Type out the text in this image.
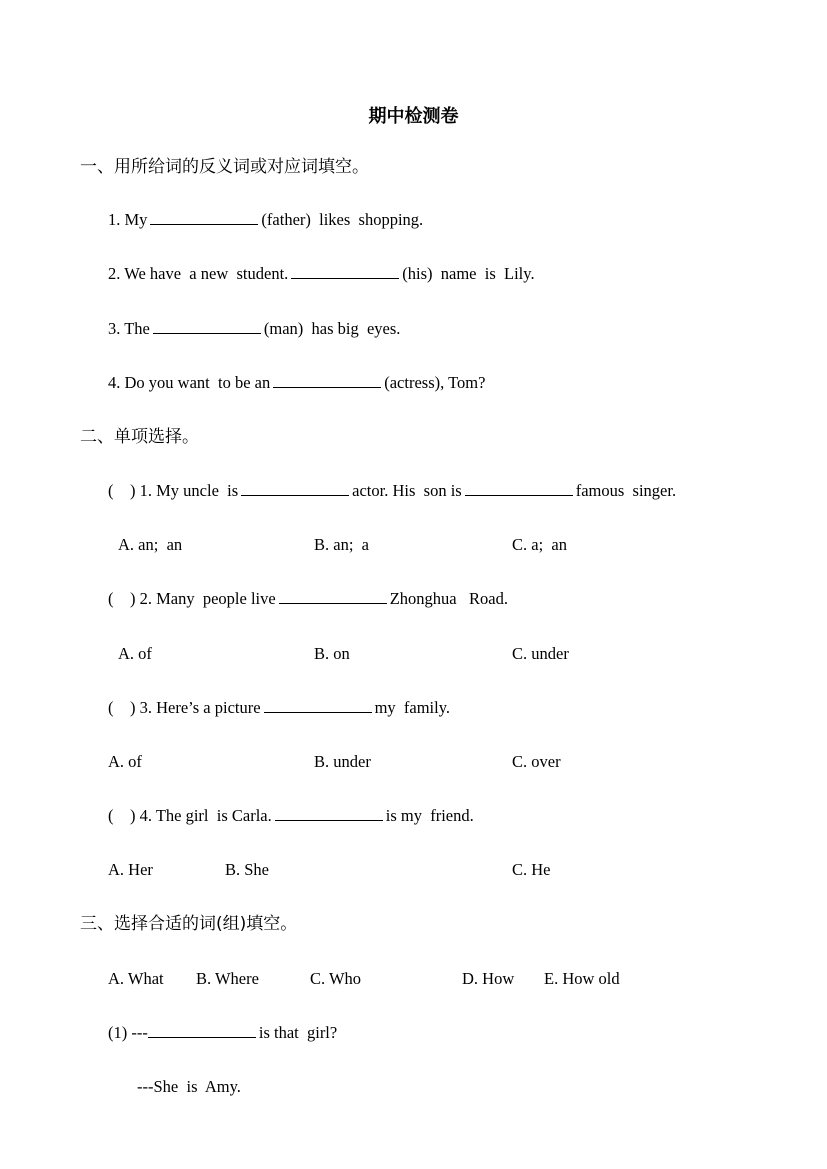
期中检测卷
一、用所给词的反义词或对应词填空。
1. My	(father)  likes  shopping.
2. We have  a new  student.	(his)  name  is  Lily.
3. The	(man)  has big  eyes.
4. Do you want  to be an	(actress), Tom?
二、单项选择。
(    ) 1. My uncle  is	actor. His  son is	famous  singer.
A. an;  an	B. an;  a	C. a;  an
(    ) 2. Many  people live	Zhonghua   Road.
A. of	B. on	C. under
(    ) 3. Here’s a picture	my  family.
A. of	B. under	C. over
(    ) 4. The girl  is Carla.	is my  friend.
A. Her	B. She	C. He
三、选择合适的词(组)填空。
A. What B. Where	C. Who	D. How E. How old
(1) ---	is that  girl?
---She  is  Amy.
